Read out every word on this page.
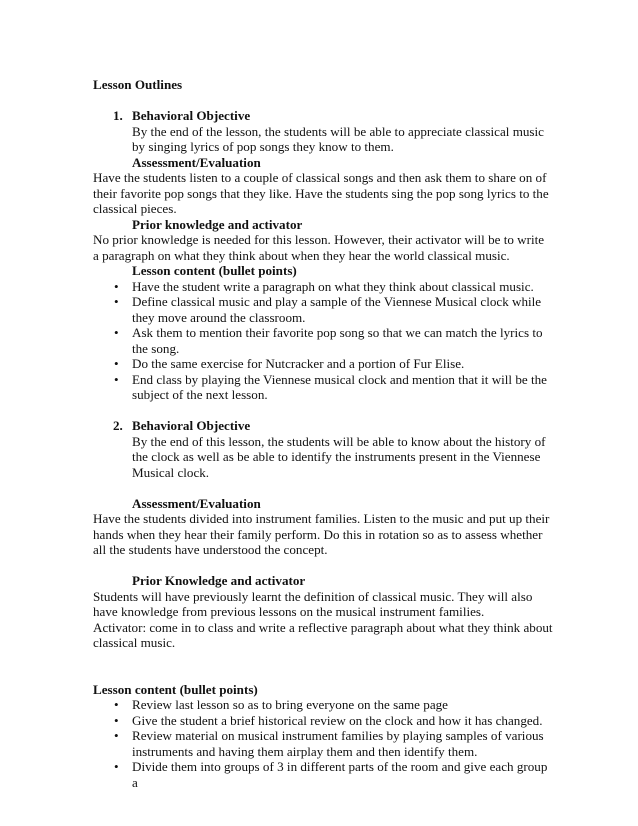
Lesson Outlines

1. Behavioral Objective

By the end of the lesson, the students will be able to appreciate classical music by singing lyrics of pop songs they know to them.

Assessment/Evaluation

Have the students listen to a couple of classical songs and then ask them to share on of their favorite pop songs that they like. Have the students sing the pop song lyrics to the classical pieces.

Prior knowledge and activator

No prior knowledge is needed for this lesson. However, their activator will be to write a paragraph on what they think about when they hear the world classical music.

Lesson content (bullet points)

• Have the student write a paragraph on what they think about classical music.
• Define classical music and play a sample of the Viennese Musical clock while they move around the classroom.
• Ask them to mention their favorite pop song so that we can match the lyrics to the song.
• Do the same exercise for Nutcracker and a portion of Fur Elise.
• End class by playing the Viennese musical clock and mention that it will be the subject of the next lesson.
2. Behavioral Objective

By the end of this lesson, the students will be able to know about the history of the clock as well as be able to identify the instruments present in the Viennese Musical clock.

Assessment/Evaluation

Have the students divided into instrument families. Listen to the music and put up their hands when they hear their family perform. Do this in rotation so as to assess whether all the students have understood the concept.

Prior Knowledge and activator

Students will have previously learnt the definition of classical music. They will also have knowledge from previous lessons on the musical instrument families.

Activator: come in to class and write a reflective paragraph about what they think about classical music.

Lesson content (bullet points)

• Review last lesson so as to bring everyone on the same page
• Give the student a brief historical review on the clock and how it has changed.
• Review material on musical instrument families by playing samples of various instruments and having them airplay them and then identify them.
• Divide them into groups of 3 in different parts of the room and give each group a
